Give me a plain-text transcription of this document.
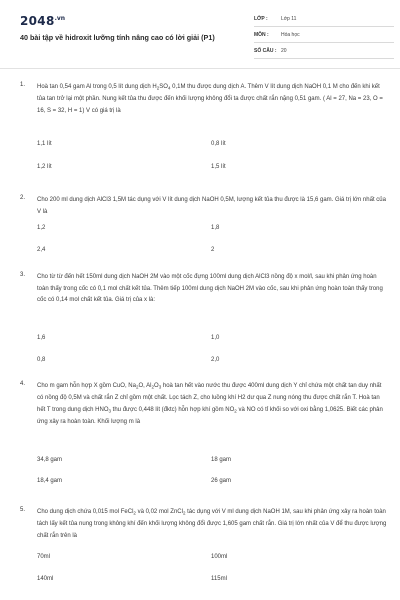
$2048^{.vn}$
40 bài tập về hidroxit lưỡng tính nâng cao có lời giải (P1)
LỚP :	Lớp 11
MÔN :	Hóa học
SỐ CÂU : 20
1. Hoà tan 0,54 gam Al trong 0,5 lít dung dịch $H_2SO_4$ 0,1M thu được dung dịch A. Thêm V lít dung dịch NaOH 0,1 M cho đến khi kết tủa tan trở lại một phần. Nung kết tủa thu được đến khối lượng không đổi ta được chất rắn nặng 0,51 gam. ( Al = 27, Na = 23, O = 16, S = 32, H = 1) V có giá trị là
1,1 lít	0,8 lít
1,2 lít	1,5 lít
2. Cho 200 ml dung dịch AlCl3 1,5M tác dụng với V lít dung dịch NaOH 0,5M, lượng kết tủa thu được là 15,6 gam. Giá trị lớn nhất của V là
1,2	1,8
2,4	2
3. Cho từ từ đến hết 150ml dung dịch NaOH 2M vào một cốc đựng 100ml dung dịch AlCl3 nồng độ x mol/l, sau khi phản ứng hoàn toàn thấy trong cốc có 0,1 mol chất kết tủa. Thêm tiếp 100ml dung dịch NaOH 2M vào cốc, sau khi phản ứng hoàn toàn thấy trong cốc có 0,14 mol chất kết tủa. Giá trị của x là:
1,6	1,0
0,8	2,0
4. Cho m gam hỗn hợp X gồm CuO, $Na_2O$, $Al_2O_3$ hoà tan hết vào nước thu được 400ml dung dịch Y chỉ chứa một chất tan duy nhất có nồng độ 0,5M và chất rắn Z chỉ gồm một chất. Lọc tách Z, cho luồng khí H2 dư qua Z nung nóng thu được chất rắn T. Hoà tan hết T trong dung dịch $HNO_3$ thu được 0,448 lít (đktc) hỗn hợp khí gồm $NO_2$ và NO có tỉ khối so với oxi bằng 1,0625. Biết các phản ứng xảy ra hoàn toàn. Khối lượng m là
34,8 gam	18 gam
18,4 gam	26 gam
5. Cho dung dịch chứa 0,015 mol FeCl$_2$ và 0,02 mol ZnCl$_2$ tác dụng với V ml dung dịch NaOH 1M, sau khi phản ứng xảy ra hoàn toàn tách lấy kết tủa nung trong không khí đến khối lượng không đổi được 1,605 gam chất rắn. Giá trị lớn nhất của V để thu được lượng chất rắn trên là
70ml	100ml
140ml	115ml
